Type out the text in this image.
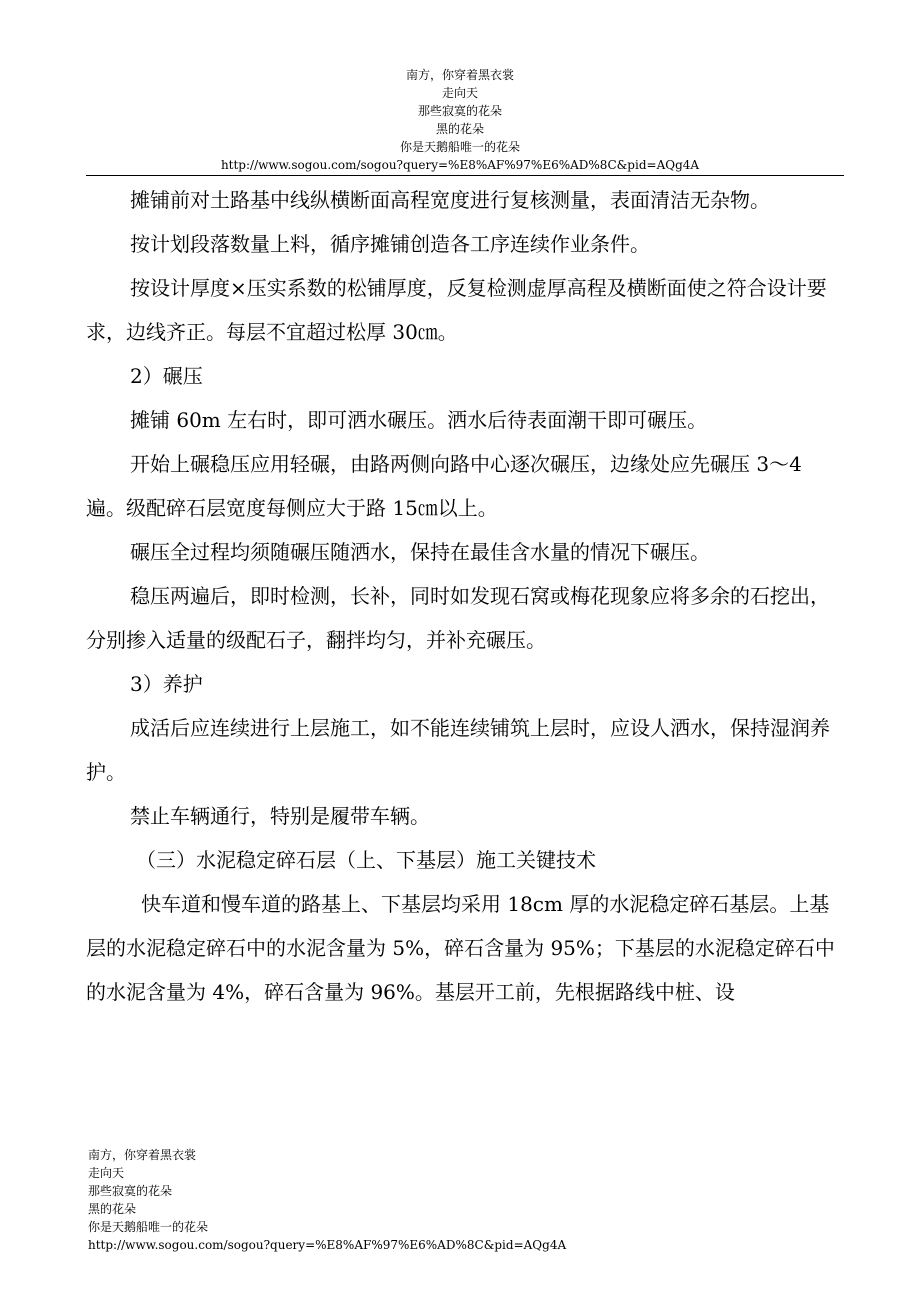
南方，你穿着黑衣裳
走向天
那些寂寞的花朵
黑的花朵
你是天鹅船唯一的花朵
http://www.sogou.com/sogou?query=%E8%AF%97%E6%AD%8C&pid=AQg4A

摊铺前对土路基中线纵横断面高程宽度进行复核测量，表面清洁无杂物。

按计划段落数量上料，循序摊铺创造各工序连续作业条件。

按设计厚度×压实系数的松铺厚度，反复检测虚厚高程及横断面使之符合设计要求，边线齐正。每层不宜超过松厚 30㎝。

2）碾压

摊铺 60m 左右时，即可洒水碾压。洒水后待表面潮干即可碾压。

开始上碾稳压应用轻碾，由路两侧向路中心逐次碾压，边缘处应先碾压 3～4 遍。级配碎石层宽度每侧应大于路 15㎝以上。

碾压全过程均须随碾压随洒水，保持在最佳含水量的情况下碾压。

稳压两遍后，即时检测，长补，同时如发现石窝或梅花现象应将多余的石挖出，分别掺入适量的级配石子，翻拌均匀，并补充碾压。

3）养护

成活后应连续进行上层施工，如不能连续铺筑上层时，应设人洒水，保持湿润养护。

禁止车辆通行，特别是履带车辆。

（三）水泥稳定碎石层（上、下基层）施工关键技术

快车道和慢车道的路基上、下基层均采用 18cm 厚的水泥稳定碎石基层。上基层的水泥稳定碎石中的水泥含量为 5%，碎石含量为 95%；下基层的水泥稳定碎石中的水泥含量为 4%，碎石含量为 96%。基层开工前，先根据路线中桩、设

南方，你穿着黑衣裳
走向天
那些寂寞的花朵
黑的花朵
你是天鹅船唯一的花朵
http://www.sogou.com/sogou?query=%E8%AF%97%E6%AD%8C&pid=AQg4A
